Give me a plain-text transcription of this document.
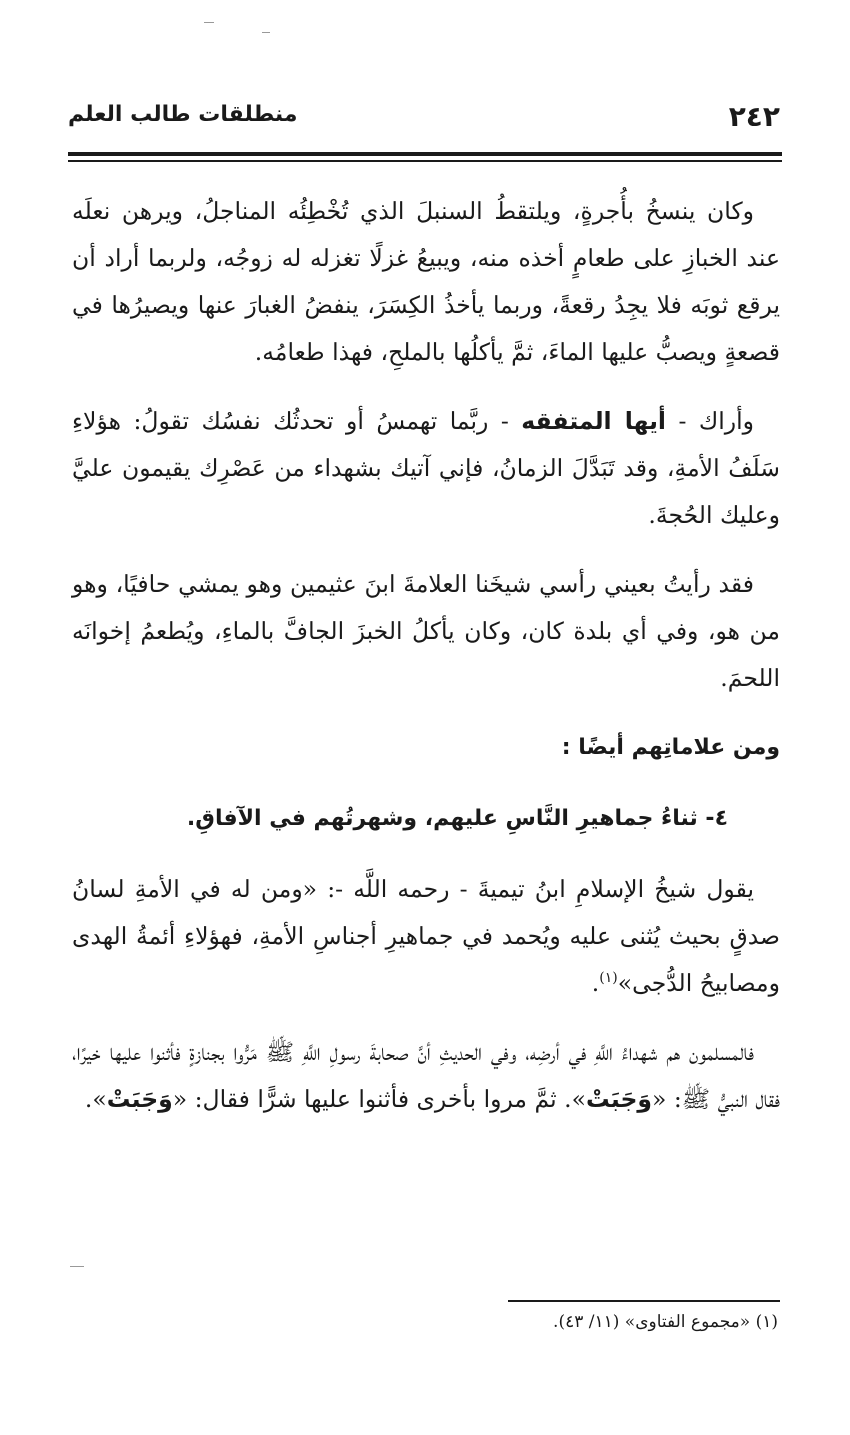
٢٤٢
منطلقات طالب العلم

وكان ينسخُ بأُجرةٍ، ويلتقطُ السنبلَ الذي تُخْطِئُه المناجلُ، ويرهن نعلَه عند الخبازِ على طعامٍ أخذه منه، ويبيعُ غزلًا تغزله له زوجُه، ولربما أراد أن يرقع ثوبَه فلا يجِدُ رقعةً، وربما يأخذُ الكِسَرَ، ينفضُ الغبارَ عنها ويصيرُها في قصعةٍ ويصبُّ عليها الماءَ، ثمَّ يأكلُها بالملحِ، فهذا طعامُه.

وأراك - أيها المتفقه - ربَّما تهمسُ أو تحدثُك نفسُك تقولُ: هؤلاءِ سَلَفُ الأمةِ، وقد تَبَدَّلَ الزمانُ، فإني آتيك بشهداء من عَصْرِك يقيمون عليَّ وعليك الحُجةَ.

فقد رأيتُ بعيني رأسي شيخَنا العلامةَ ابنَ عثيمين وهو يمشي حافيًا، وهو من هو، وفي أي بلدة كان، وكان يأكلُ الخبزَ الجافَّ بالماءِ، ويُطعمُ إخوانَه اللحمَ.

ومن علاماتِهم أيضًا :
٤- ثناءُ جماهيرِ النَّاسِ عليهم، وشهرتُهم في الآفاقِ.

يقول شيخُ الإسلامِ ابنُ تيميةَ - رحمه اللَّه -: «ومن له في الأمةِ لسانُ صدقٍ بحيث يُثنى عليه ويُحمد في جماهيرِ أجناسِ الأمةِ، فهؤلاءِ أئمةُ الهدى ومصابيحُ الدُّجى»$^{(١)}$.

فالمسلمون هم شهداءُ اللَّهِ في أرضِه، وفي الحديثِ أنَّ صحابةَ رسولِ اللَّهِ ﷺ مَرُّوا بجنازةٍ فأثنوا عليها خيرًا، فقال النبيُّ ﷺ: «وَجَبَتْ». ثمَّ مروا بأخرى فأثنوا عليها شرًّا فقال: «وَجَبَتْ».

(١) «مجموع الفتاوى» (١١/ ٤٣).
